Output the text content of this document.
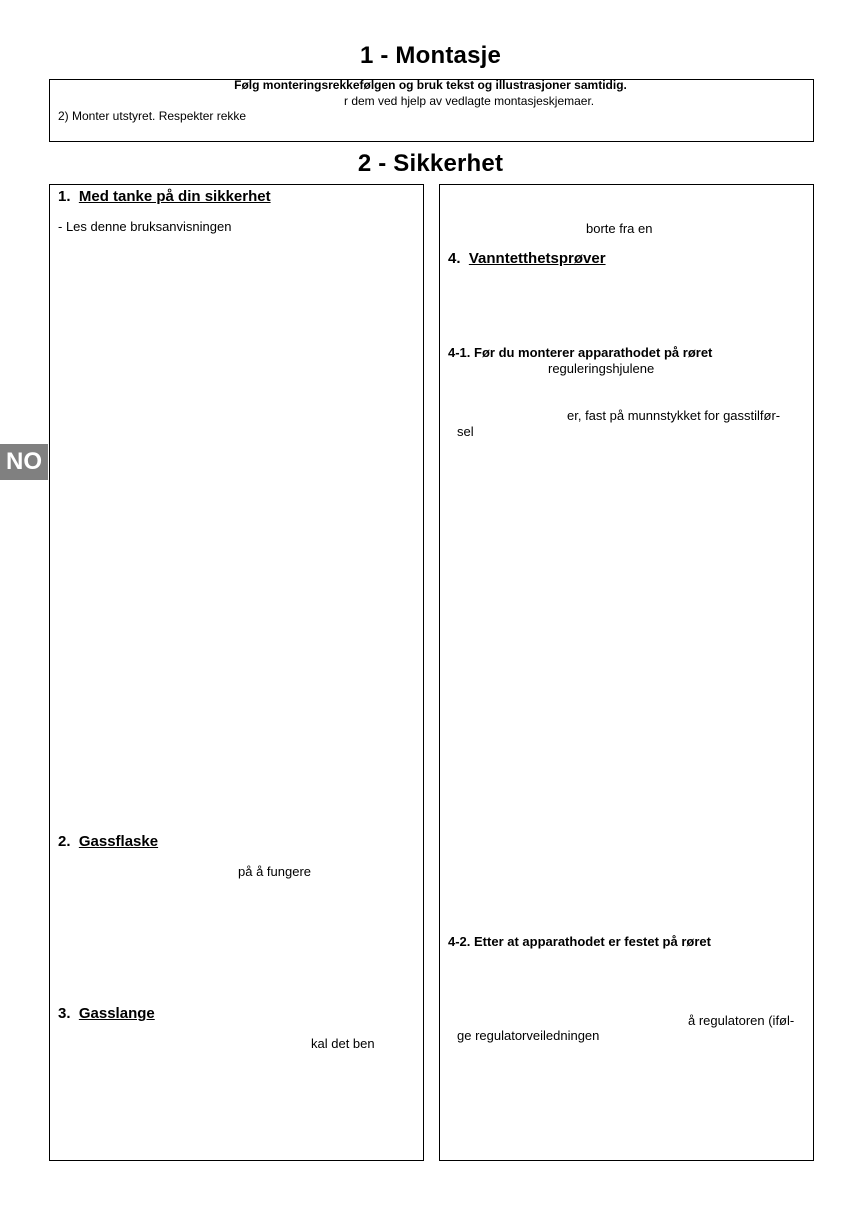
1 - Montasje
Følg monteringsrekkefølgen og bruk tekst og illustrasjoner samtidig.
r dem ved hjelp av vedlagte montasjeskjemaer.
2) Monter utstyret. Respekter rekke
2 - Sikkerhet
NO
1. Med tanke på din sikkerhet
- Les denne bruksanvisningen
2. Gassflaske
på å fungere
3. Gasslange
kal det ben
borte fra en
4. Vanntetthetsprøver
4-1. Før du monterer apparathodet på røret
reguleringshjulene
er, fast på munnstykket for gasstilfør-
sel
4-2. Etter at apparathodet er festet på røret
å regulatoren (iføl-
ge regulatorveiledningen
